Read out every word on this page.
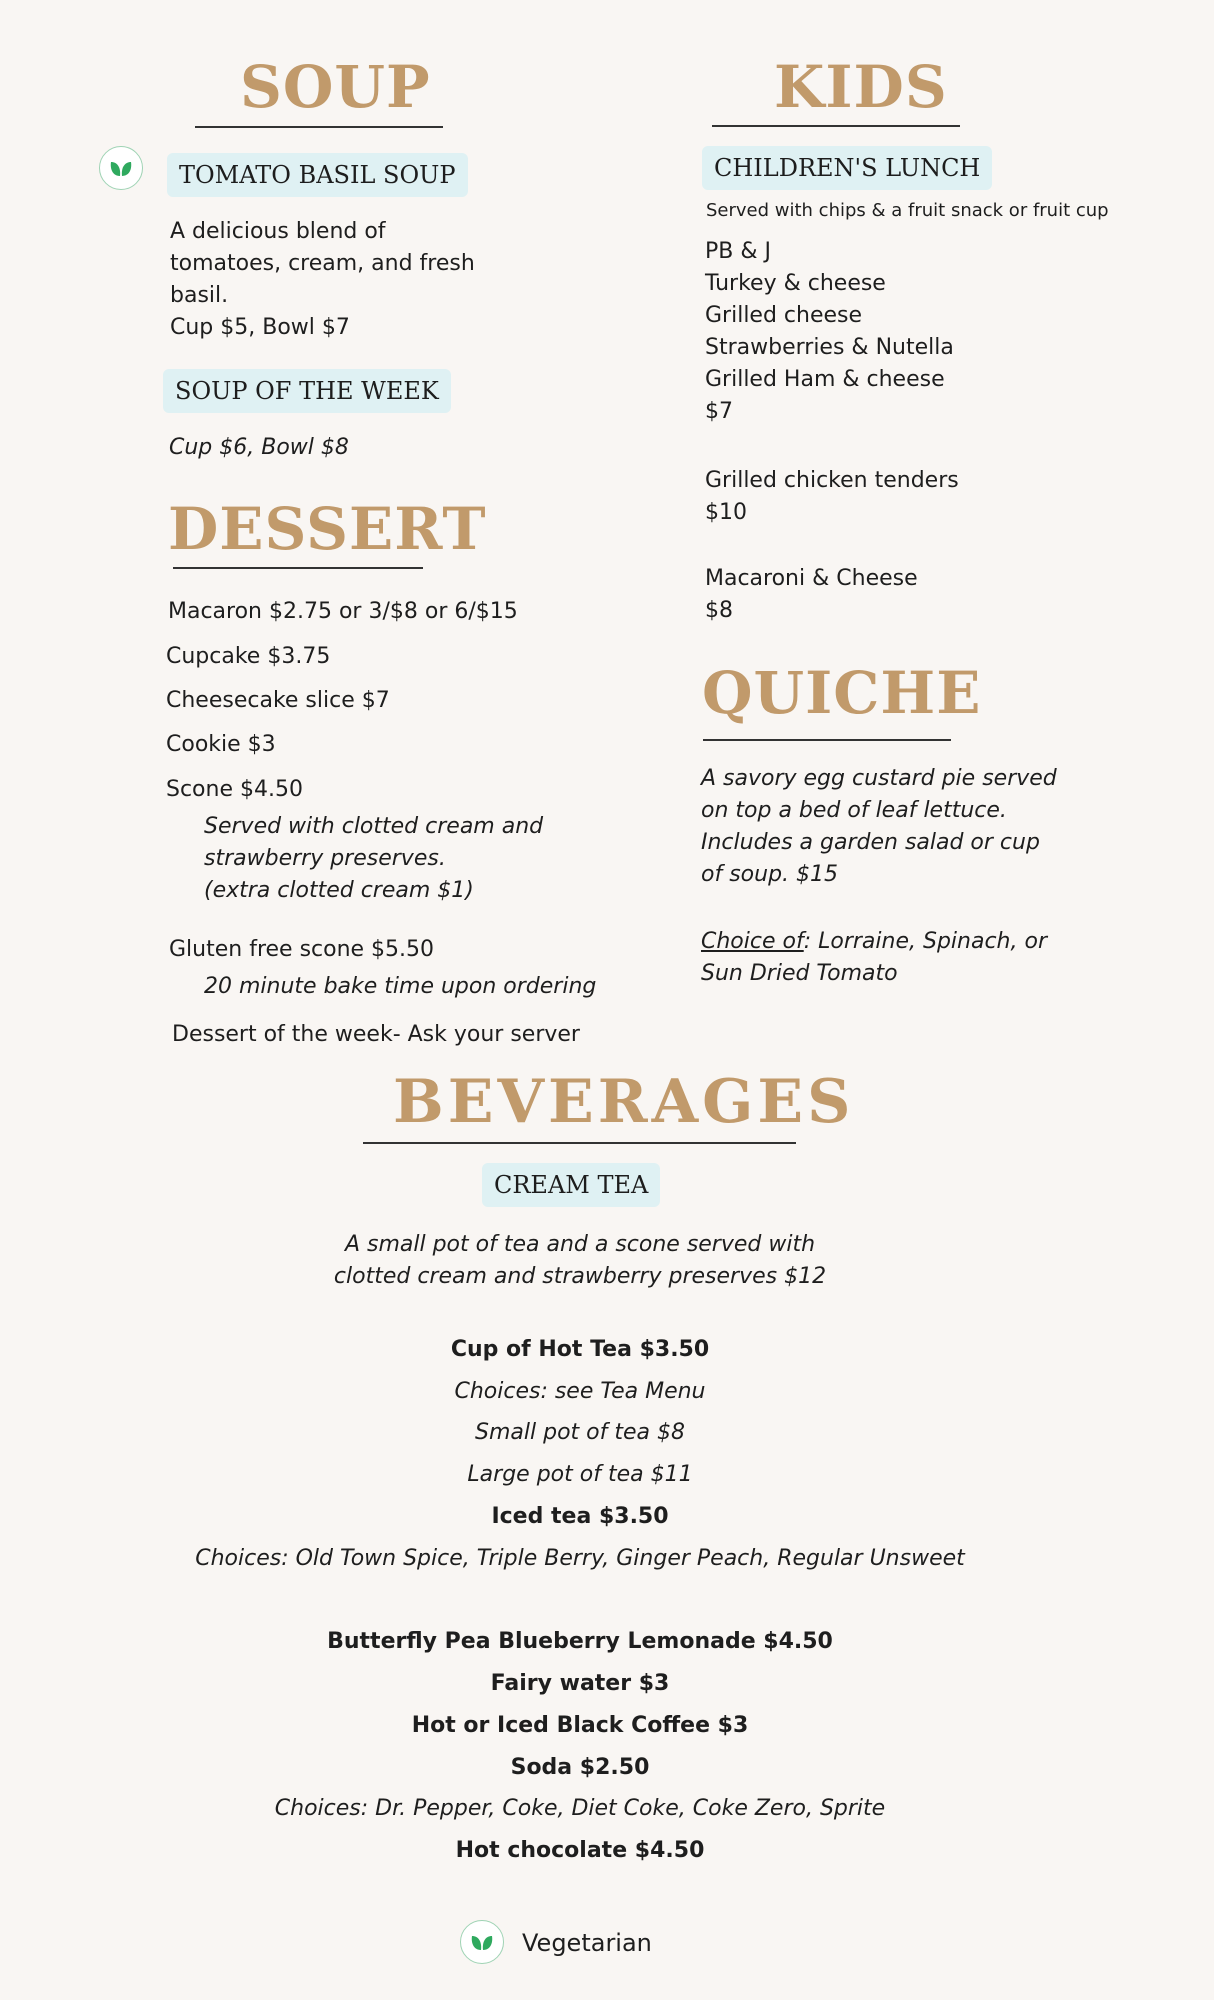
SOUP
TOMATO BASIL SOUP
A delicious blend of
tomatoes, cream, and fresh
basil.
Cup $5, Bowl $7
SOUP OF THE WEEK
Cup $6, Bowl $8
DESSERT
Macaron $2.75 or 3/$8 or 6/$15
Cupcake $3.75
Cheesecake slice $7
Cookie $3
Scone $4.50
Served with clotted cream and
strawberry preserves.
(extra clotted cream $1)
Gluten free scone $5.50
20 minute bake time upon ordering
Dessert of the week- Ask your server
KIDS
CHILDREN'S LUNCH
Served with chips & a fruit snack or fruit cup
PB & J
Turkey & cheese
Grilled cheese
Strawberries & Nutella
Grilled Ham & cheese
$7
Grilled chicken tenders
$10
Macaroni & Cheese
$8
QUICHE
A savory egg custard pie served
on top a bed of leaf lettuce.
Includes a garden salad or cup
of soup. $15
Choice of: Lorraine, Spinach, or
Sun Dried Tomato
BEVERAGES
CREAM TEA
A small pot of tea and a scone served with
clotted cream and strawberry preserves $12
Cup of Hot Tea $3.50
Choices: see Tea Menu
Small pot of tea $8
Large pot of tea $11
Iced tea $3.50
Choices: Old Town Spice, Triple Berry, Ginger Peach, Regular Unsweet
Butterfly Pea Blueberry Lemonade $4.50
Fairy water $3
Hot or Iced Black Coffee $3
Soda $2.50
Choices: Dr. Pepper, Coke, Diet Coke, Coke Zero, Sprite
Hot chocolate $4.50
Vegetarian
